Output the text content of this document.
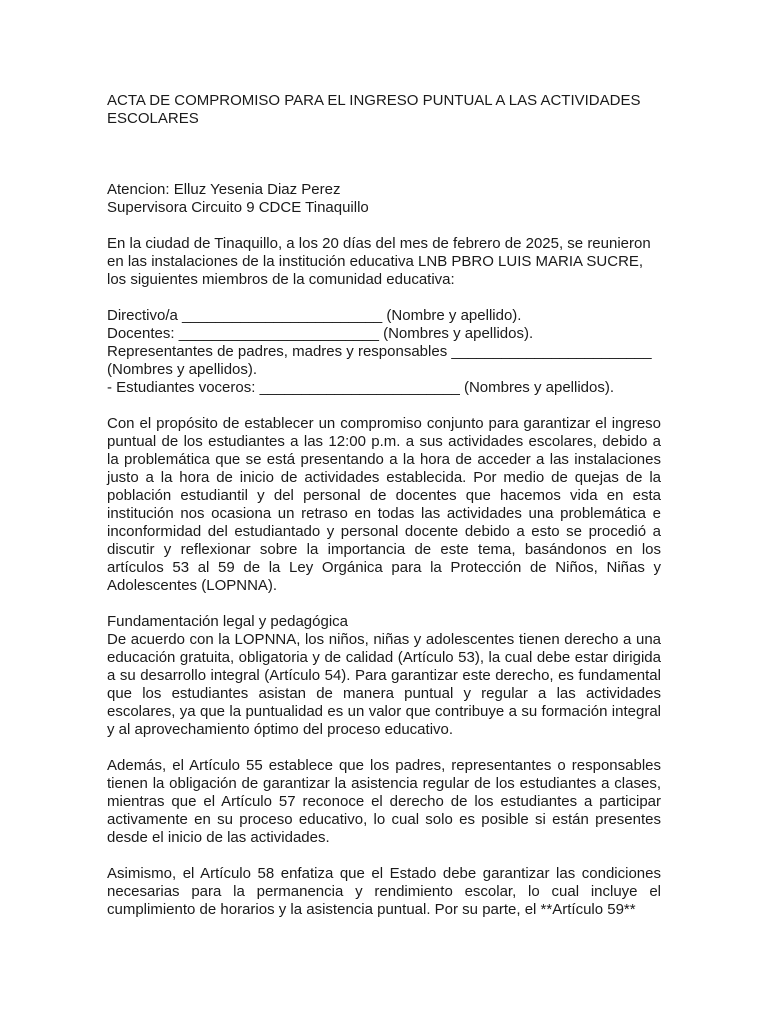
ACTA DE COMPROMISO PARA EL INGRESO PUNTUAL A LAS ACTIVIDADES ESCOLARES
Atencion: Elluz Yesenia Diaz Perez
Supervisora Circuito 9 CDCE Tinaquillo

En la ciudad de Tinaquillo, a los 20 días del mes de febrero de 2025, se reunieron en las instalaciones de la institución educativa LNB PBRO LUIS MARIA SUCRE, los siguientes miembros de la comunidad educativa:

Directivo/a ________________________ (Nombre y apellido).
Docentes: ________________________ (Nombres y apellidos).
Representantes de padres, madres y responsables ________________________ (Nombres y apellidos).
- Estudiantes voceros: ________________________ (Nombres y apellidos).

Con el propósito de establecer un compromiso conjunto para garantizar el ingreso puntual de los estudiantes a las 12:00 p.m. a sus actividades escolares, debido a la problemática que se está presentando a la hora de acceder a las instalaciones justo a la hora de inicio de actividades establecida. Por medio de quejas de la población estudiantil y del personal de docentes que hacemos vida en esta institución nos ocasiona un retraso en todas las actividades una problemática e inconformidad del estudiantado y personal docente debido a esto se procedió a discutir y reflexionar sobre la importancia de este tema, basándonos en los artículos 53 al 59 de la Ley Orgánica para la Protección de Niños, Niñas y Adolescentes (LOPNNA).

Fundamentación legal y pedagógica

De acuerdo con la LOPNNA, los niños, niñas y adolescentes tienen derecho a una educación gratuita, obligatoria y de calidad (Artículo 53), la cual debe estar dirigida a su desarrollo integral (Artículo 54). Para garantizar este derecho, es fundamental que los estudiantes asistan de manera puntual y regular a las actividades escolares, ya que la puntualidad es un valor que contribuye a su formación integral y al aprovechamiento óptimo del proceso educativo.

Además, el Artículo 55 establece que los padres, representantes o responsables tienen la obligación de garantizar la asistencia regular de los estudiantes a clases, mientras que el Artículo 57 reconoce el derecho de los estudiantes a participar activamente en su proceso educativo, lo cual solo es posible si están presentes desde el inicio de las actividades.

Asimismo, el Artículo 58 enfatiza que el Estado debe garantizar las condiciones necesarias para la permanencia y rendimiento escolar, lo cual incluye el cumplimiento de horarios y la asistencia puntual. Por su parte, el **Artículo 59**
